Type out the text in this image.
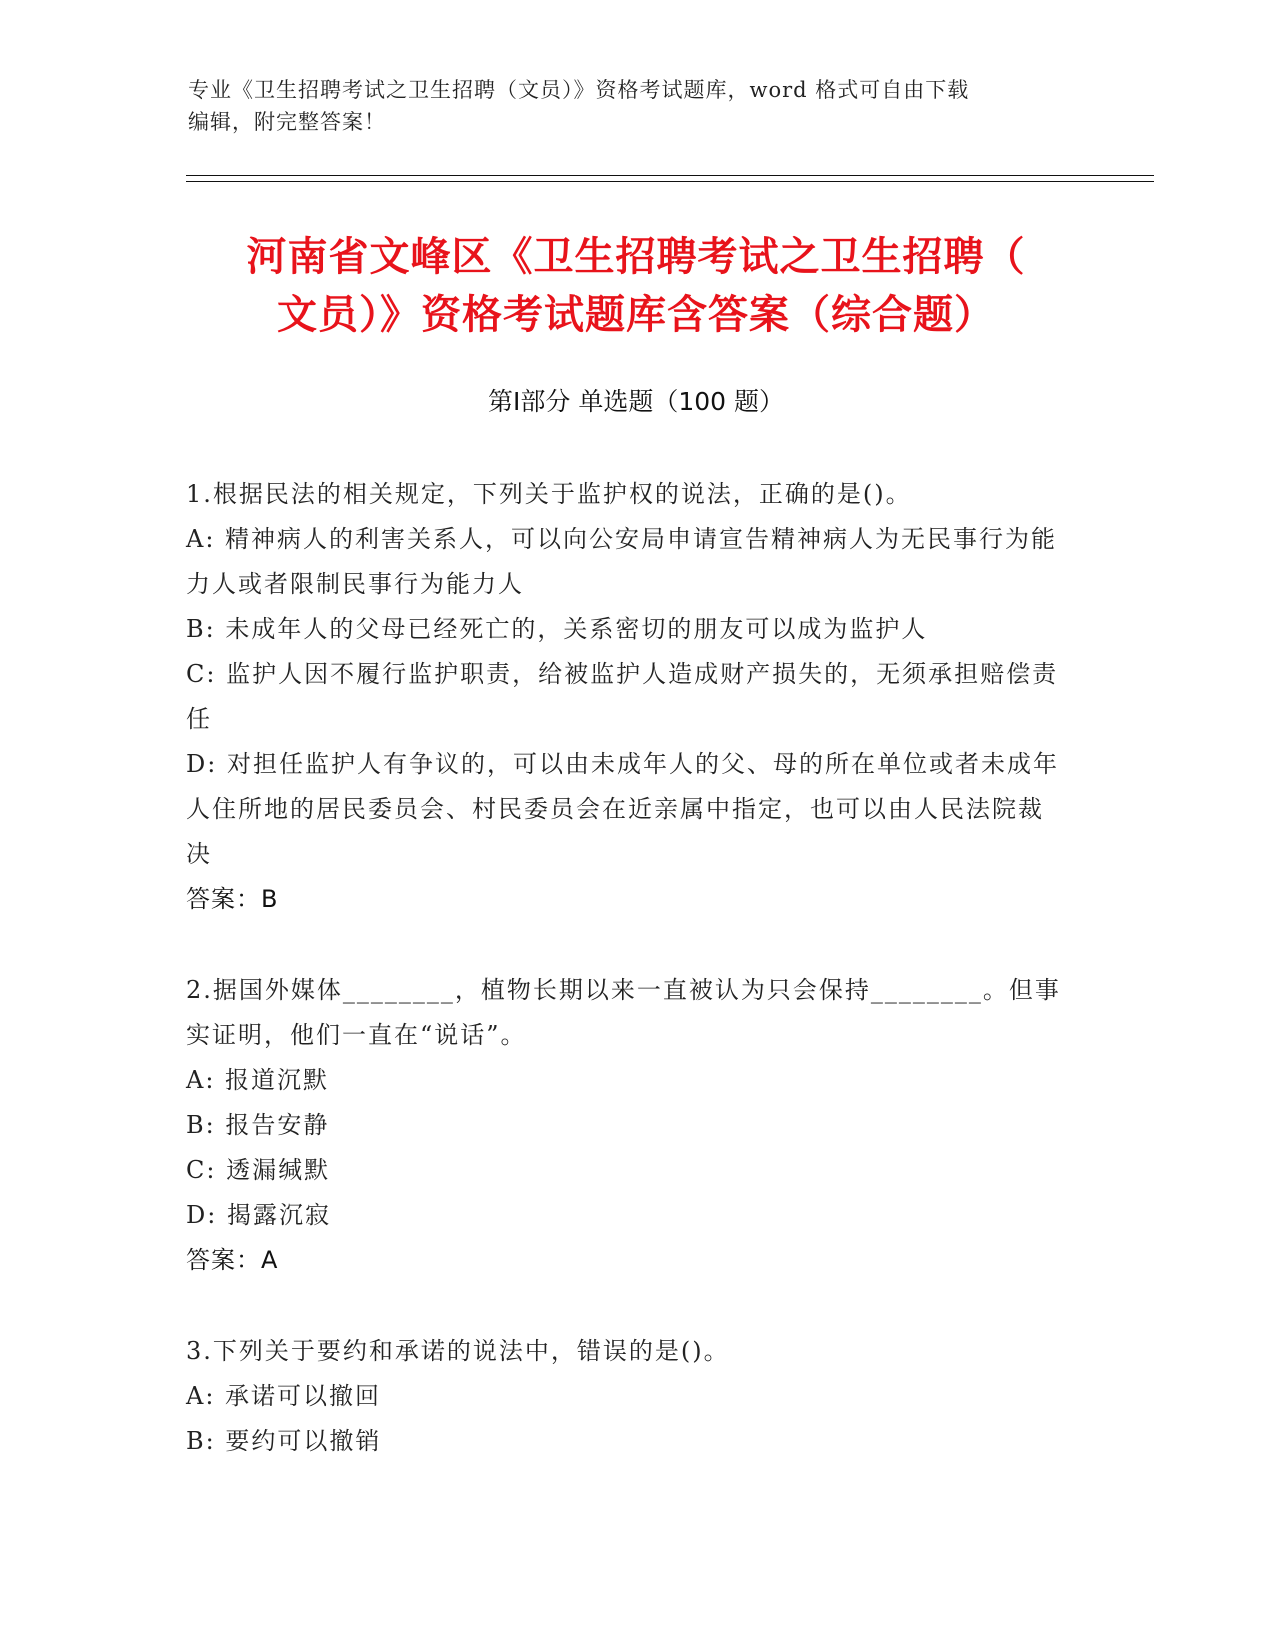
专业《卫生招聘考试之卫生招聘（文员）》资格考试题库，word 格式可自由下载
编辑，附完整答案！
河南省文峰区《卫生招聘考试之卫生招聘（
文员）》资格考试题库含答案（综合题）
第Ⅰ部分 单选题（100 题）

1.根据民法的相关规定，下列关于监护权的说法，正确的是()。

A: 精神病人的利害关系人，可以向公安局申请宣告精神病人为无民事行为能力人或者限制民事行为能力人

B: 未成年人的父母已经死亡的，关系密切的朋友可以成为监护人

C: 监护人因不履行监护职责，给被监护人造成财产损失的，无须承担赔偿责任

D: 对担任监护人有争议的，可以由未成年人的父、母的所在单位或者未成年人住所地的居民委员会、村民委员会在近亲属中指定，也可以由人民法院裁决

答案：B

2.据国外媒体________，植物长期以来一直被认为只会保持________。但事实证明，他们一直在“说话”。

A: 报道沉默

B: 报告安静

C: 透漏缄默

D: 揭露沉寂

答案：A

3.下列关于要约和承诺的说法中，错误的是()。

A: 承诺可以撤回

B: 要约可以撤销
